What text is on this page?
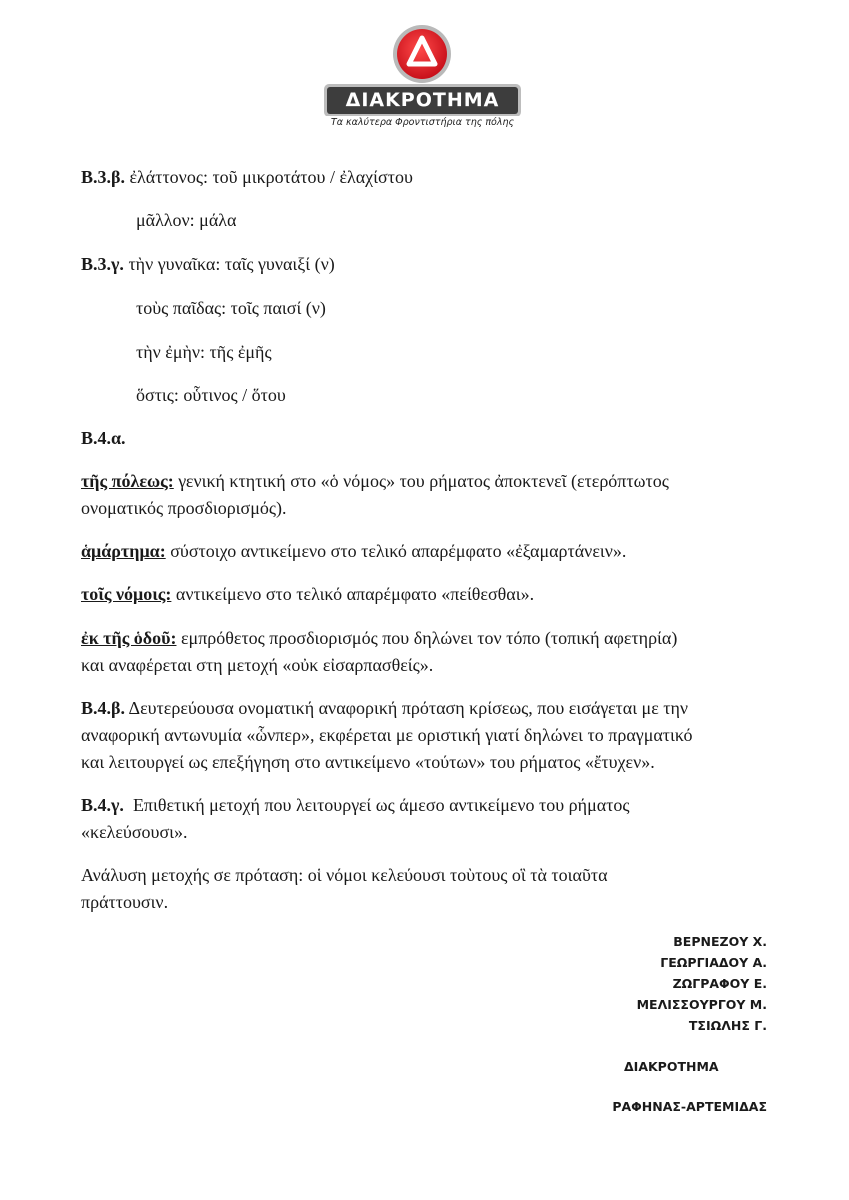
ΔΙΑΚΡΟΤΗΜΑ
Τα καλύτερα Φροντιστήρια της πόλης
Β.3.β. ἐλάττονος: τοῦ μικροτάτου / ἐλαχίστου
μᾶλλον: μάλα
Β.3.γ. τὴν γυναῖκα: ταῖς γυναιξί (ν)
τοὺς παῖδας: τοῖς παισί (ν)
τὴν ἐμὴν: τῆς ἐμῆς
ὅστις: οὗτινος / ὅτου
Β.4.α.
τῆς πόλεως: γενική κτητική στο «ὁ νόμος» του ρήματος ἀποκτενεῖ (ετερόπτωτος
ονοματικός προσδιορισμός).
ἁμάρτημα: σύστοιχο αντικείμενο στο τελικό απαρέμφατο «ἐξαμαρτάνειν».
τοῖς νόμοις: αντικείμενο στο τελικό απαρέμφατο «πείθεσθαι».
ἐκ τῆς ὁδοῦ: εμπρόθετος προσδιορισμός που δηλώνει τον τόπο (τοπική αφετηρία)
και αναφέρεται στη μετοχή «οὐκ εἰσαρπασθείς».
Β.4.β. Δευτερεύουσα ονοματική αναφορική πρόταση κρίσεως, που εισάγεται με την
αναφορική αντωνυμία «ὧνπερ», εκφέρεται με οριστική γιατί δηλώνει το πραγματικό
και λειτουργεί ως επεξήγηση στο αντικείμενο «τούτων» του ρήματος «ἔτυχεν».
Β.4.γ.  Επιθετική μετοχή που λειτουργεί ως άμεσο αντικείμενο του ρήματος
«κελεύσουσι».
Ανάλυση μετοχής σε πρόταση: οἱ νόμοι κελεύουσι τοὺτους οἳ τὰ τοιαῦτα
πράττουσιν.
ΒΕΡΝΕΖΟΥ Χ.
ΓΕΩΡΓΙΑΔΟΥ Α.
ΖΩΓΡΑΦΟΥ Ε.
ΜΕΛΙΣΣΟΥΡΓΟΥ Μ.
ΤΣΙΩΛΗΣ Γ.
ΔΙΑΚΡΟΤΗΜΑ
ΡΑΦΗΝΑΣ-ΑΡΤΕΜΙΔΑΣ
